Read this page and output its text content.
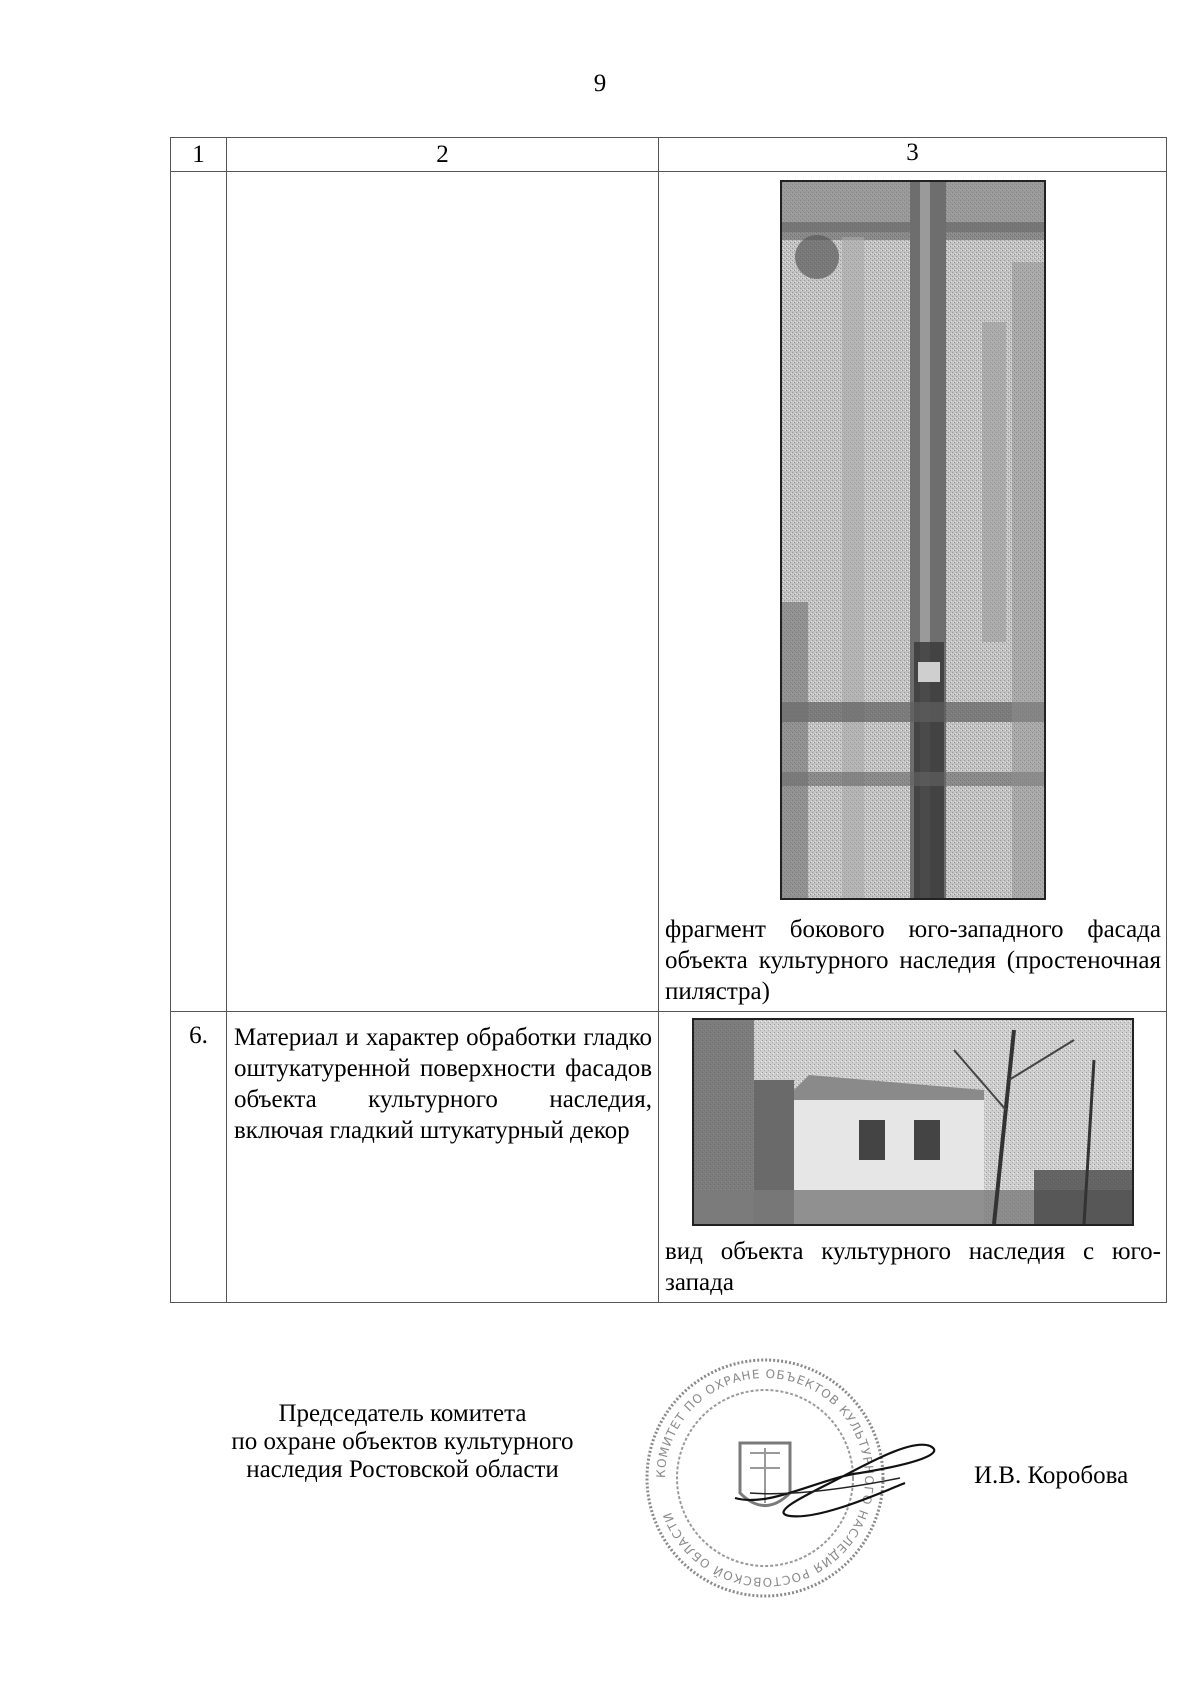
9
1	2	3

		фрагмент бокового юго-западного фасада объекта культурного наследия (простеночная пилястра)

6.	Материал и характер обработки гладко оштукатуренной поверхности фасадов объекта культурного наследия, включая гладкий штукатурный декор	вид объекта культурного наследия с юго-запада
Председатель комитета
по охране объектов культурного
наследия Ростовской области	КОМИТЕТ ПО ОХРАНЕ ОБЪЕКТОВ КУЛЬТУРНОГО НАСЛЕДИЯ РОСТОВСКОЙ ОБЛАСТИ
И.В. Коробова
